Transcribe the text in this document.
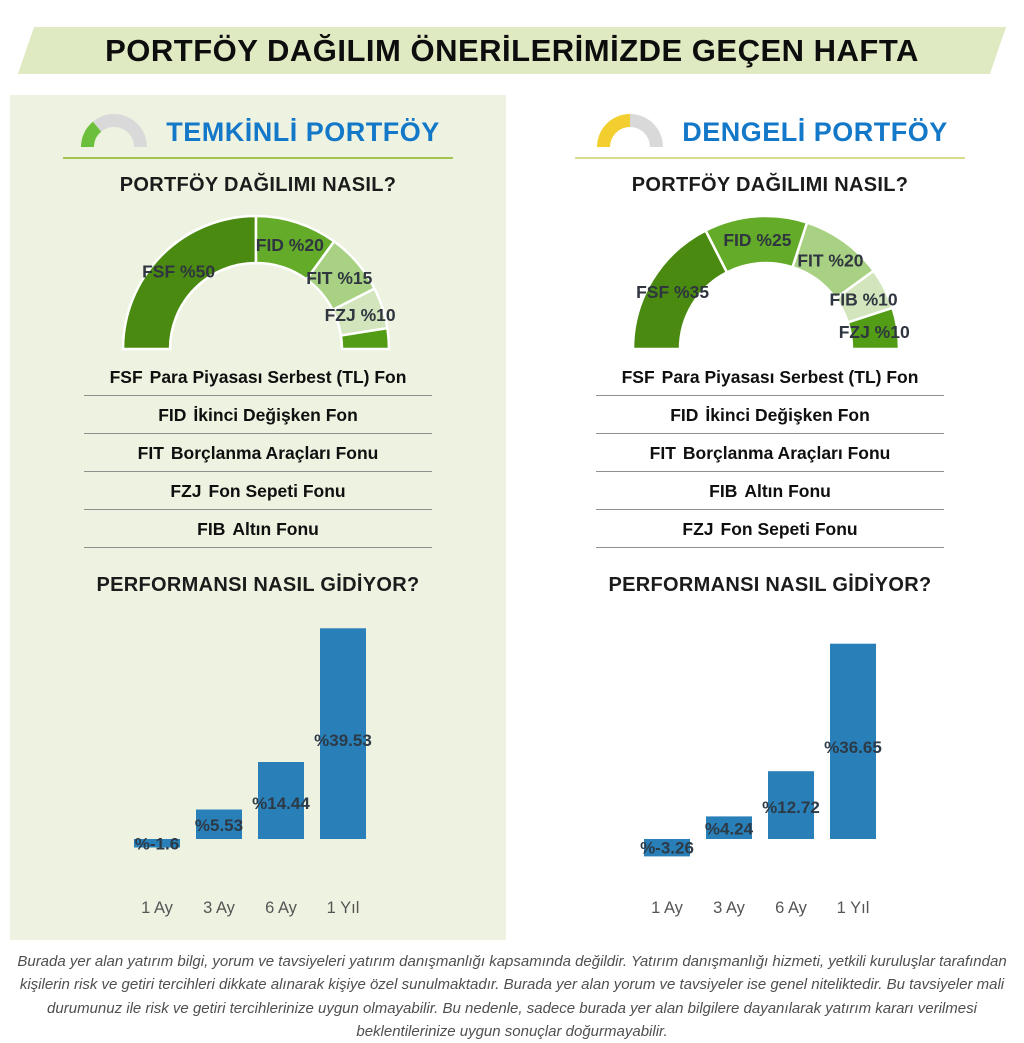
PORTFÖY DAĞILIM ÖNERİLERİMİZDE GEÇEN HAFTA
TEMKİNLİ PORTFÖY
PORTFÖY DAĞILIMI NASIL?
FSF %50
FID %20
FIT %15
FZJ %10
FSF Para Piyasası Serbest (TL) Fon
FID İkinci Değişken Fon
FIT Borçlanma Araçları Fonu
FZJ Fon Sepeti Fonu
FIB Altın Fonu
PERFORMANSI NASIL GİDİYOR?
%-1.6
1 Ay
%5.53
3 Ay
%14.44
6 Ay
%39.53
1 Yıl
DENGELİ PORTFÖY
PORTFÖY DAĞILIMI NASIL?
FSF %35
FID %25
FIT %20
FIB %10
FZJ %10
FSF Para Piyasası Serbest (TL) Fon
FID İkinci Değişken Fon
FIT Borçlanma Araçları Fonu
FIB Altın Fonu
FZJ Fon Sepeti Fonu
PERFORMANSI NASIL GİDİYOR?
%-3.26
1 Ay
%4.24
3 Ay
%12.72
6 Ay
%36.65
1 Yıl
Burada yer alan yatırım bilgi, yorum ve tavsiyeleri yatırım danışmanlığı kapsamında değildir. Yatırım danışmanlığı hizmeti, yetkili kuruluşlar tarafından kişilerin risk ve getiri tercihleri dikkate alınarak kişiye özel sunulmaktadır. Burada yer alan yorum ve tavsiyeler ise genel niteliktedir. Bu tavsiyeler mali durumunuz ile risk ve getiri tercihlerinize uygun olmayabilir. Bu nedenle, sadece burada yer alan bilgilere dayanılarak yatırım kararı verilmesi beklentilerinize uygun sonuçlar doğurmayabilir.
